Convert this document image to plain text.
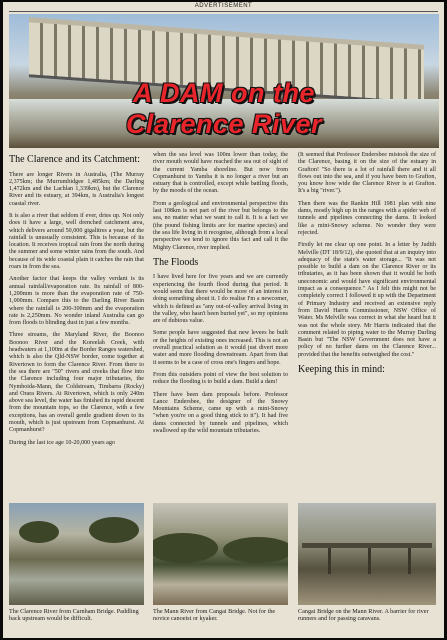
ADVERTISEMENT
A DAM on the
Clarence River
The Clarence and its Catchment:

There are longer Rivers in Australia, (The Murray 2,375km; the Murrumbidgee 1,485km; the Darling 1,472km and the Lachlan 1,339km), but the Clarence River and its estuary, at 394km, is Australia's longest coastal river.

It is also a river that seldom if ever, dries up. Not only does it have a large, well drenched catchment area, which delivers around 50,000 gigalitres a year, but the rainfall is unusually consistent. This is because of its location. It receives tropical rain from the north during the summer and some winter rains from the south. And because of its wide coastal plain it catches the rain that roars in from the sea.

Another factor that keeps the valley verdant is its annual rainfall/evaporation rate. Its rainfall of 800-1,200mm is more than the evaporation rate of 750-1,000mm. Compare this to the Darling River Basin where the rainfall is 200-300mm and the evaporation rate is 2,250mm. No wonder inland Australia can go from floods to blinding dust in just a few months.

Three streams, the Maryland River, the Boonoo Boonoo River and the Koreelah Creek, with headwaters at 1,100m at the Border Ranges watershed, which is also the Qld-NSW border, come together at Rivertown to form the Clarence River. From there to the sea there are "50" rivers and creeks that flow into the Clarence including four major tributaries, the Nymboida-Mann, the Coldstream, Timbarra (Rocky) and Orara Rivers. At Rivertown, which is only 240m above sea level, the water has finished its rapid descent from the mountain tops, so the Clarence, with a few exceptions, has an overall gentle gradient down to its mouth, which is just upstream from Copmanhurst. At Copmanhurst?

During the last ice age 10-20,000 years ago

when the sea level was 100m lower than today, the river mouth would have reached the sea out of sight of the current Yamba shoreline. But now from Copmanhurst to Yamba it is no longer a river but an estuary that is controlled, except while battling floods, by the moods of the ocean.

From a geological and environmental perspective this last 108km is not part of the river but belongs to the sea, no matter what we want to call it. It is a fact we (the pound fishing limits are for marine species) and the sea life living in it recognise, although from a local perspective we tend to ignore this fact and call it the Mighty Clarence, river implied.

The Floods

I have lived here for five years and we are currently experiencing the fourth flood during that period. It would seem that there would be more of an interest in doing something about it. I do realise I'm a newcomer, which is defined as "any out-of-valley arrival living in the valley, who hasn't been buried yet", so my opinions are of dubious value.

Some people have suggested that new levees be built or the heights of existing ones increased. This is not an overall practical solution as it would just divert more water and more flooding downstream. Apart from that it seems to be a case of cross one's fingers and hope.

From this outsiders point of view the best solution to reduce the flooding is to build a dam. Build a dam!

There have been dam proposals before. Professor Lance Endersbee, the designer of the Snowy Mountains Scheme, came up with a mini-Snowy "when you're on a good thing stick to it"). It had five dams connected by tunnels and pipelines, which swallowed up the wild mountain tributaries.

(It seemed that Professor Endersbee mistook the size of the Clarence, basing it on the size of the estuary in Grafton! "So there is a lot of rainfall there and it all flows out into the sea, and if you have been to Grafton, you know how wide the Clarence River is at Grafton. It's a big "river.").

Then there was the Rankin Hill 1981 plan with nine dams, mostly high up in the ranges with a spider web of tunnels and pipelines connecting the dams. It looked like a mini-Snowy scheme. No wonder they were rejected.

Firstly let me clear up one point. In a letter by Judith Melville (DT 18/9/12), she quoted that at an inquiry into adequacy of the state's water storage... "It was not possible to build a dam on the Clarence River or its tributaries, as it has been shown that it would be both uneconomic and would have significant environmental impact as a consequence." As I felt this might not be completely correct I followed it up with the Department of Primary Industry and received an extensive reply from David Harris Commissioner, NSW Office of Water. Ms Melville was correct in what she heard but it was not the whole story. Mr Harris indicated that the comment related to piping water to the Murray Darling Basin but "The NSW Government does not have a policy of no further dams on the Clarence River... provided that the benefits outweighed the cost."

Keeping this in mind:
The Clarence River from Carnham Bridge. Paddling back upstream would be difficult.
The Mann River from Cangai Bridge. Not for the novice canoeist or kyaker.
Cangai Bridge on the Mann River. A barrier for river runners and for passing caravans.
